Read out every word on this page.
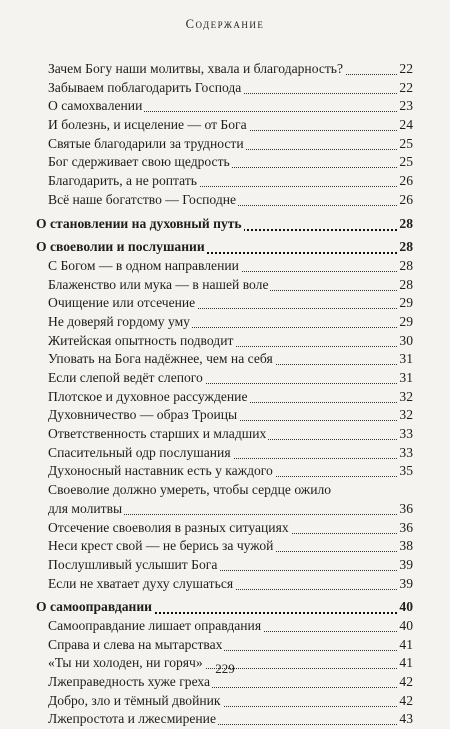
Содержание
Зачем Богу наши молитвы, хвала и благодарность?	22
Забываем поблагодарить Господа	22
О самохвалении	23
И болезнь, и исцеление — от Бога	24
Святые благодарили за трудности	25
Бог сдерживает свою щедрость	25
Благодарить, а не роптать	26
Всё наше богатство — Господне	26
О становлении на духовный путь	28
О своеволии и послушании	28
С Богом — в одном направлении	28
Блаженство или мука — в нашей воле	28
Очищение или отсечение	29
Не доверяй гордому уму	29
Житейская опытность подводит	30
Уповать на Бога надёжнее, чем на себя	31
Если слепой ведёт слепого	31
Плотское и духовное рассуждение	32
Духовничество — образ Троицы	32
Ответственность старших и младших	33
Спасительный одр послушания	33
Духоносный наставник есть у каждого	35
Своеволие должно умереть, чтобы сердце ожило
для молитвы	36
Отсечение своеволия в разных ситуациях	36
Неси крест свой — не берись за чужой	38
Послушливый услышит Бога	39
Если не хватает духу слушаться	39
О самооправдании	40
Самооправдание лишает оправдания	40
Справа и слева на мытарствах	41
«Ты ни холоден, ни горяч»	41
Лжеправедность хуже греха	42
Добро, зло и тёмный двойник	42
Лжепростота и лжесмирение	43
229
